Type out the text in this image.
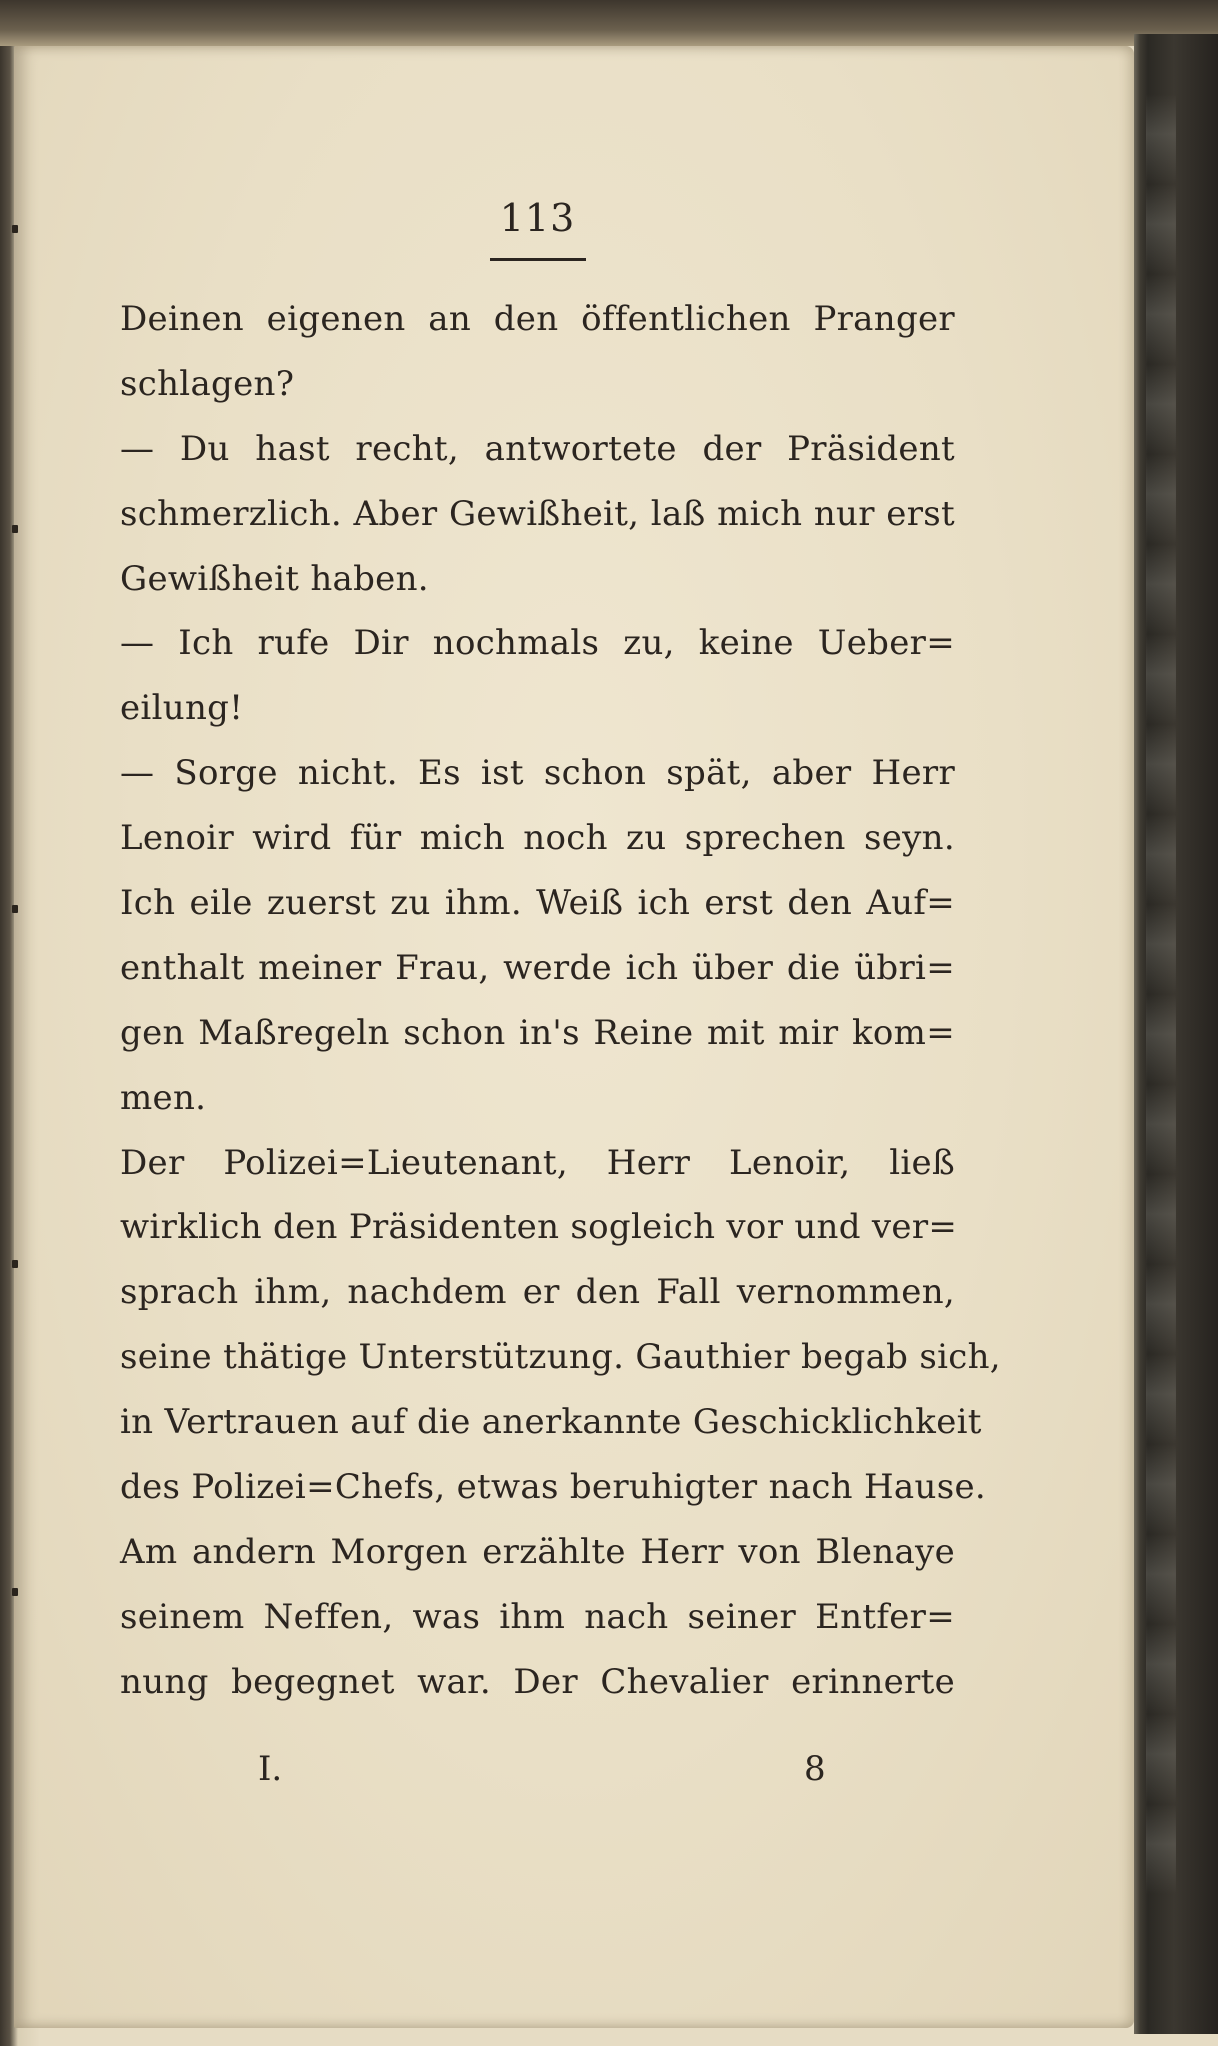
113
Deinen eigenen an den öffentlichen Pranger
schlagen?
— Du hast recht, antwortete der Präsident
schmerzlich. Aber Gewißheit, laß mich nur erst
Gewißheit haben.
— Ich rufe Dir nochmals zu, keine Ueber=
eilung!
— Sorge nicht. Es ist schon spät, aber Herr
Lenoir wird für mich noch zu sprechen seyn.
Ich eile zuerst zu ihm. Weiß ich erst den Auf=
enthalt meiner Frau, werde ich über die übri=
gen Maßregeln schon in's Reine mit mir kom=
men.
Der Polizei=Lieutenant, Herr Lenoir, ließ
wirklich den Präsidenten sogleich vor und ver=
sprach ihm, nachdem er den Fall vernommen,
seine thätige Unterstützung. Gauthier begab sich,
in Vertrauen auf die anerkannte Geschicklichkeit
des Polizei=Chefs, etwas beruhigter nach Hause.
Am andern Morgen erzählte Herr von Blenaye
seinem Neffen, was ihm nach seiner Entfer=
nung begegnet war. Der Chevalier erinnerte
I.	8
